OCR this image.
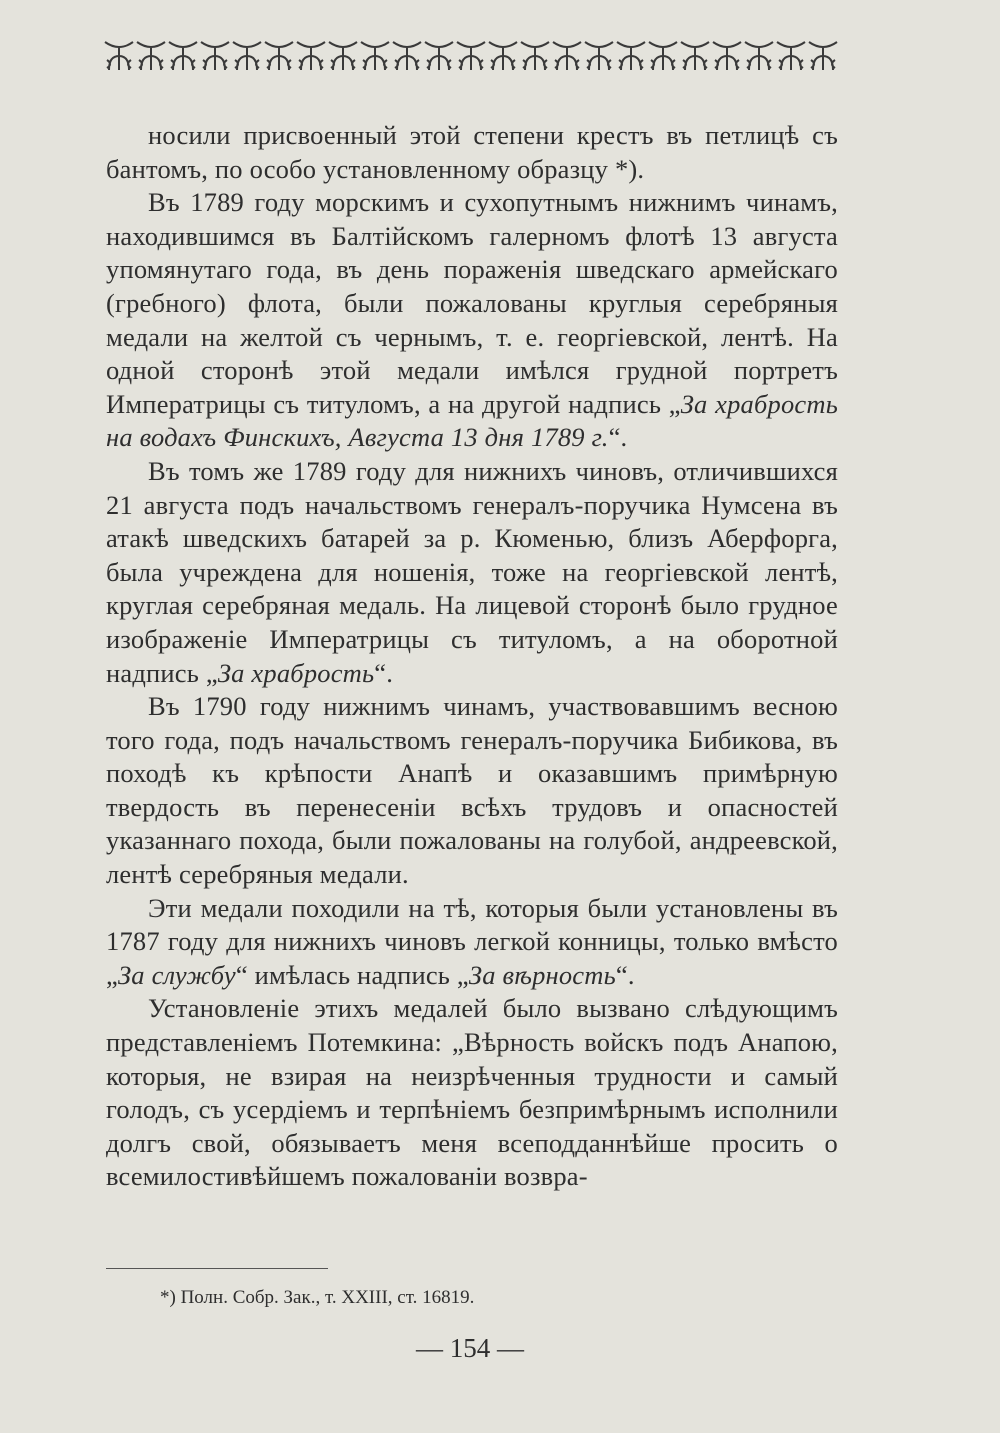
носили присвоенный этой степени крестъ въ петлицѣ съ бантомъ, по особо установленному образцу *).

Въ 1789 году морскимъ и сухопутнымъ нижнимъ чинамъ, находившимся въ Балтійскомъ галерномъ флотѣ 13 августа упомянутаго года, въ день пораженія шведскаго армейскаго (гребного) флота, были пожалованы круглыя серебряныя медали на желтой съ чернымъ, т. е. георгіевской, лентѣ. На одной сторонѣ этой медали имѣлся грудной портретъ Императрицы съ титуломъ, а на другой надпись „За храбрость на водахъ Финскихъ, Августа 13 дня 1789 г.“.

Въ томъ же 1789 году для нижнихъ чиновъ, отличившихся 21 августа подъ начальствомъ генералъ-поручика Нумсена въ атакѣ шведскихъ батарей за р. Кюменью, близъ Аберфорга, была учреждена для ношенія, тоже на георгіевской лентѣ, круглая серебряная медаль. На лицевой сторонѣ было грудное изображеніе Императрицы съ титуломъ, а на оборотной надпись „За храбрость“.

Въ 1790 году нижнимъ чинамъ, участвовавшимъ весною того года, подъ начальствомъ генералъ-поручика Бибикова, въ походѣ къ крѣпости Анапѣ и оказавшимъ примѣрную твердость въ перенесеніи всѣхъ трудовъ и опасностей указаннаго похода, были пожалованы на голубой, андреевской, лентѣ серебряныя медали.

Эти медали походили на тѣ, которыя были установлены въ 1787 году для нижнихъ чиновъ легкой конницы, только вмѣсто „За службу“ имѣлась надпись „За вѣрность“.

Установленіе этихъ медалей было вызвано слѣдующимъ представленіемъ Потемкина: „Вѣрность войскъ подъ Анапою, которыя, не взирая на неизрѣченныя трудности и самый голодъ, съ усердіемъ и терпѣніемъ безпримѣрнымъ исполнили долгъ свой, обязываетъ меня всеподданнѣйше просить о всемилостивѣйшемъ пожалованіи возвра-

*) Полн. Собр. Зак., т. XXIII, ст. 16819.
— 154 —
